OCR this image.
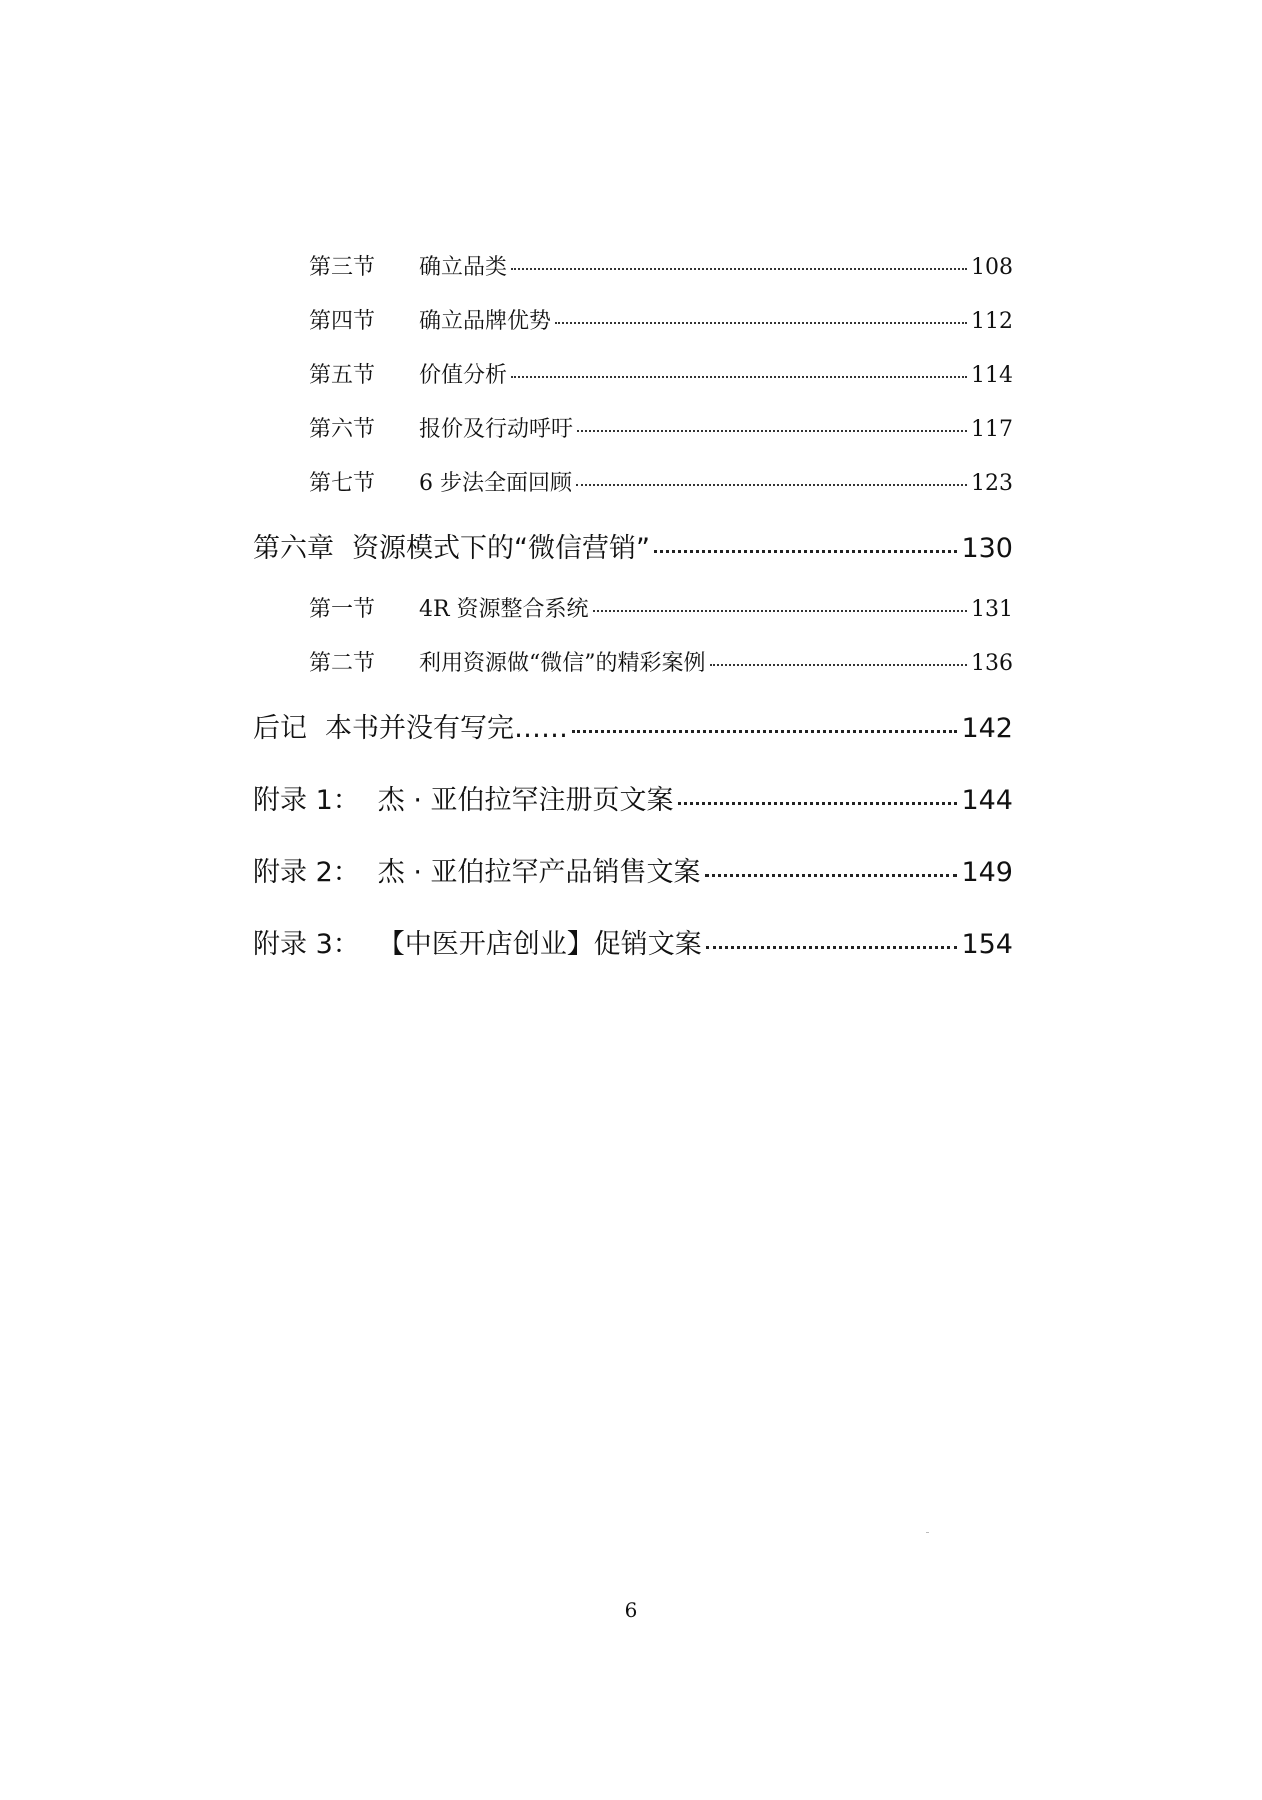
第三节	确立品类	108
第四节	确立品牌优势	112
第五节	价值分析	114
第六节	报价及行动呼吁	117
第七节	6 步法全面回顾	123
第六章 资源模式下的“微信营销”	130
第一节	4R 资源整合系统	131
第二节	利用资源做“微信”的精彩案例	136
后记 本书并没有写完……	142
附录 1： 杰 · 亚伯拉罕注册页文案	144
附录 2： 杰 · 亚伯拉罕产品销售文案	149
附录 3： 【中医开店创业】促销文案	154
6
